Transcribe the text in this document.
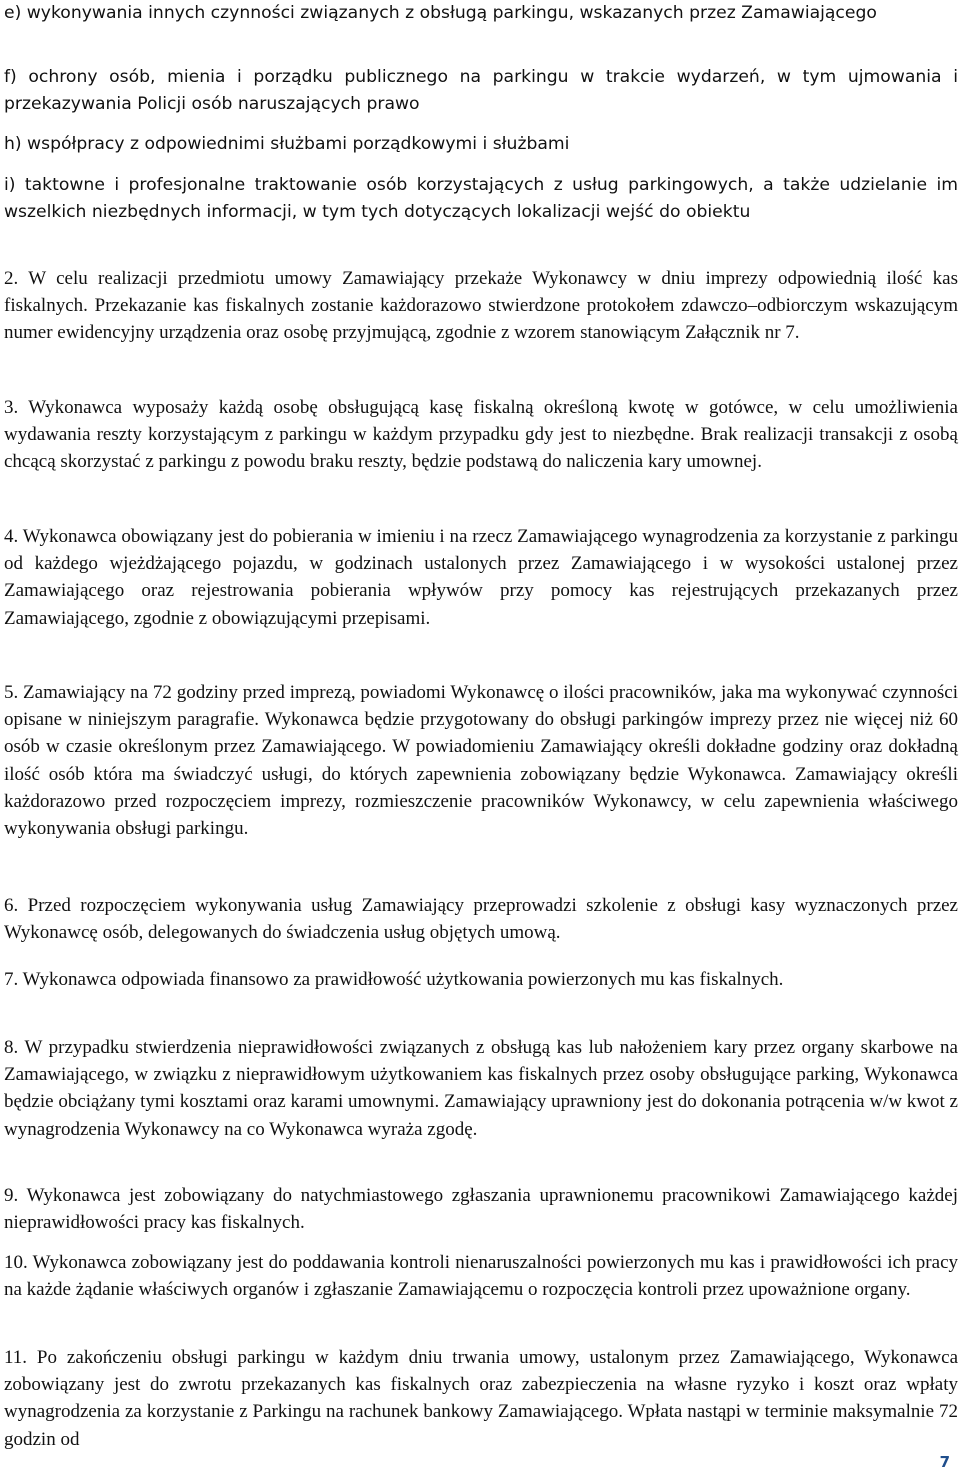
e) wykonywania innych czynności związanych z obsługą parkingu, wskazanych przez Zamawiającego

f) ochrony osób, mienia i porządku publicznego na parkingu w trakcie wydarzeń, w tym ujmowania i przekazywania Policji osób naruszających prawo

h) współpracy z odpowiednimi służbami porządkowymi i służbami

i) taktowne i profesjonalne traktowanie osób korzystających z usług parkingowych, a także udzielanie im wszelkich niezbędnych informacji, w tym tych dotyczących lokalizacji wejść do obiektu

2. W celu realizacji przedmiotu umowy Zamawiający przekaże Wykonawcy w dniu imprezy odpowiednią ilość kas fiskalnych. Przekazanie kas fiskalnych zostanie każdorazowo stwierdzone protokołem zdawczo–odbiorczym wskazującym numer ewidencyjny urządzenia oraz osobę przyjmującą, zgodnie z wzorem stanowiącym Załącznik nr 7.

3. Wykonawca wyposaży każdą osobę obsługującą kasę fiskalną określoną kwotę w gotówce, w celu umożliwienia wydawania reszty korzystającym z parkingu w każdym przypadku gdy jest to niezbędne. Brak realizacji transakcji z osobą chcącą skorzystać z parkingu z powodu braku reszty, będzie podstawą do naliczenia kary umownej.

4. Wykonawca obowiązany jest do pobierania w imieniu i na rzecz Zamawiającego wynagrodzenia za korzystanie z parkingu od każdego wjeżdżającego pojazdu, w godzinach ustalonych przez Zamawiającego i w wysokości ustalonej przez Zamawiającego oraz rejestrowania pobierania wpływów przy pomocy kas rejestrujących przekazanych przez Zamawiającego, zgodnie z obowiązującymi przepisami.

5. Zamawiający na 72 godziny przed imprezą, powiadomi Wykonawcę o ilości pracowników, jaka ma wykonywać czynności opisane w niniejszym paragrafie. Wykonawca będzie przygotowany do obsługi parkingów imprezy przez nie więcej niż 60 osób w czasie określonym przez Zamawiającego. W powiadomieniu Zamawiający określi dokładne godziny oraz dokładną ilość osób która ma świadczyć usługi, do których zapewnienia zobowiązany będzie Wykonawca. Zamawiający określi każdorazowo przed rozpoczęciem imprezy, rozmieszczenie pracowników Wykonawcy, w celu zapewnienia właściwego wykonywania obsługi parkingu.

6. Przed rozpoczęciem wykonywania usług Zamawiający przeprowadzi szkolenie z obsługi kasy wyznaczonych przez Wykonawcę osób, delegowanych do świadczenia usług objętych umową.

7. Wykonawca odpowiada finansowo za prawidłowość użytkowania powierzonych mu kas fiskalnych.

8. W przypadku stwierdzenia nieprawidłowości związanych z obsługą kas lub nałożeniem kary przez organy skarbowe na Zamawiającego, w związku z nieprawidłowym użytkowaniem kas fiskalnych przez osoby obsługujące parking, Wykonawca będzie obciążany tymi kosztami oraz karami umownymi. Zamawiający uprawniony jest do dokonania potrącenia w/w kwot z wynagrodzenia Wykonawcy na co Wykonawca wyraża zgodę.

9. Wykonawca jest zobowiązany do natychmiastowego zgłaszania uprawnionemu pracownikowi Zamawiającego każdej nieprawidłowości pracy kas fiskalnych.

10. Wykonawca zobowiązany jest do poddawania kontroli nienaruszalności powierzonych mu kas i prawidłowości ich pracy na każde żądanie właściwych organów i zgłaszanie Zamawiającemu o rozpoczęcia kontroli przez upoważnione organy.

11. Po zakończeniu obsługi parkingu w każdym dniu trwania umowy, ustalonym przez Zamawiającego, Wykonawca zobowiązany jest do zwrotu przekazanych kas fiskalnych oraz zabezpieczenia na własne ryzyko i koszt oraz wpłaty wynagrodzenia za korzystanie z Parkingu na rachunek bankowy Zamawiającego. Wpłata nastąpi w terminie maksymalnie 72 godzin od

7
